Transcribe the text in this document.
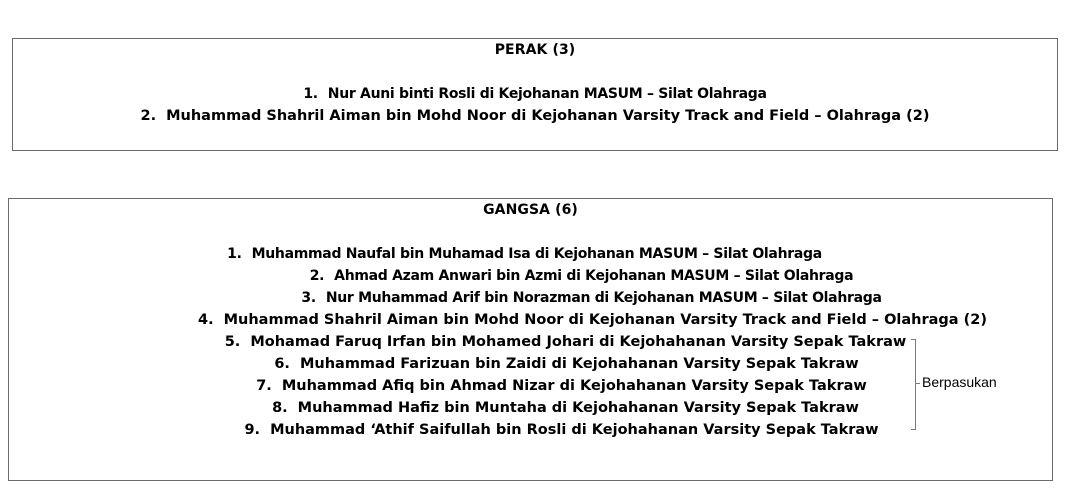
PERAK (3)
1. Nur Auni binti Rosli di Kejohanan MASUM – Silat Olahraga
2. Muhammad Shahril Aiman bin Mohd Noor di Kejohanan Varsity Track and Field – Olahraga (2)
GANGSA (6)
1. Muhammad Naufal bin Muhamad Isa di Kejohanan MASUM – Silat Olahraga
2. Ahmad Azam Anwari bin Azmi di Kejohanan MASUM – Silat Olahraga
3. Nur Muhammad Arif bin Norazman di Kejohanan MASUM – Silat Olahraga
4. Muhammad Shahril Aiman bin Mohd Noor di Kejohanan Varsity Track and Field – Olahraga (2)
5. Mohamad Faruq Irfan bin Mohamed Johari di Kejohahanan Varsity Sepak Takraw
6. Muhammad Farizuan bin Zaidi di Kejohahanan Varsity Sepak Takraw
7. Muhammad Afiq bin Ahmad Nizar di Kejohahanan Varsity Sepak Takraw
8. Muhammad Hafiz bin Muntaha di Kejohahanan Varsity Sepak Takraw
9. Muhammad ‘Athif Saifullah bin Rosli di Kejohahanan Varsity Sepak Takraw
Berpasukan
